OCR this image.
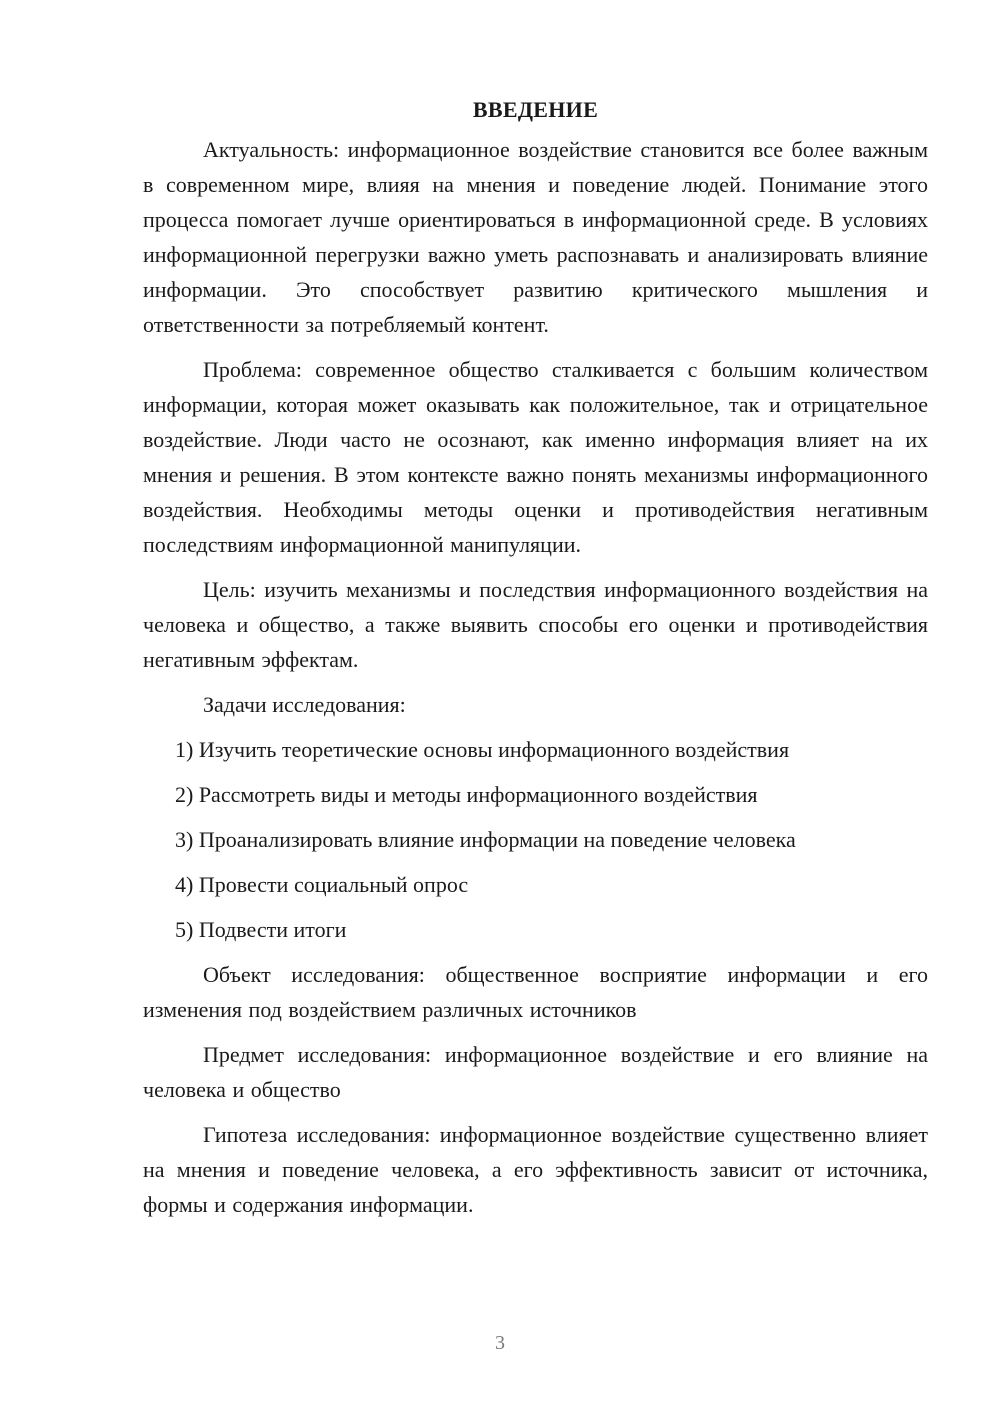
ВВЕДЕНИЕ

Актуальность: информационное воздействие становится все более важным в современном мире, влияя на мнения и поведение людей. Понимание этого процесса помогает лучше ориентироваться в информационной среде. В условиях информационной перегрузки важно уметь распознавать и анализировать влияние информации. Это способствует развитию критического мышления и ответственности за потребляемый контент.

Проблема: современное общество сталкивается с большим количеством информации, которая может оказывать как положительное, так и отрицательное воздействие. Люди часто не осознают, как именно информация влияет на их мнения и решения. В этом контексте важно понять механизмы информационного воздействия. Необходимы методы оценки и противодействия негативным последствиям информационной манипуляции.

Цель: изучить механизмы и последствия информационного воздействия на человека и общество, а также выявить способы его оценки и противодействия негативным эффектам.

Задачи исследования:

1) Изучить теоретические основы информационного воздействия
2) Рассмотреть виды и методы информационного воздействия
3) Проанализировать влияние информации на поведение человека
4) Провести социальный опрос
5) Подвести итоги

Объект исследования: общественное восприятие информации и его изменения под воздействием различных источников

Предмет исследования: информационное воздействие и его влияние на человека и общество

Гипотеза исследования: информационное воздействие существенно влияет на мнения и поведение человека, а его эффективность зависит от источника, формы и содержания информации.

3
